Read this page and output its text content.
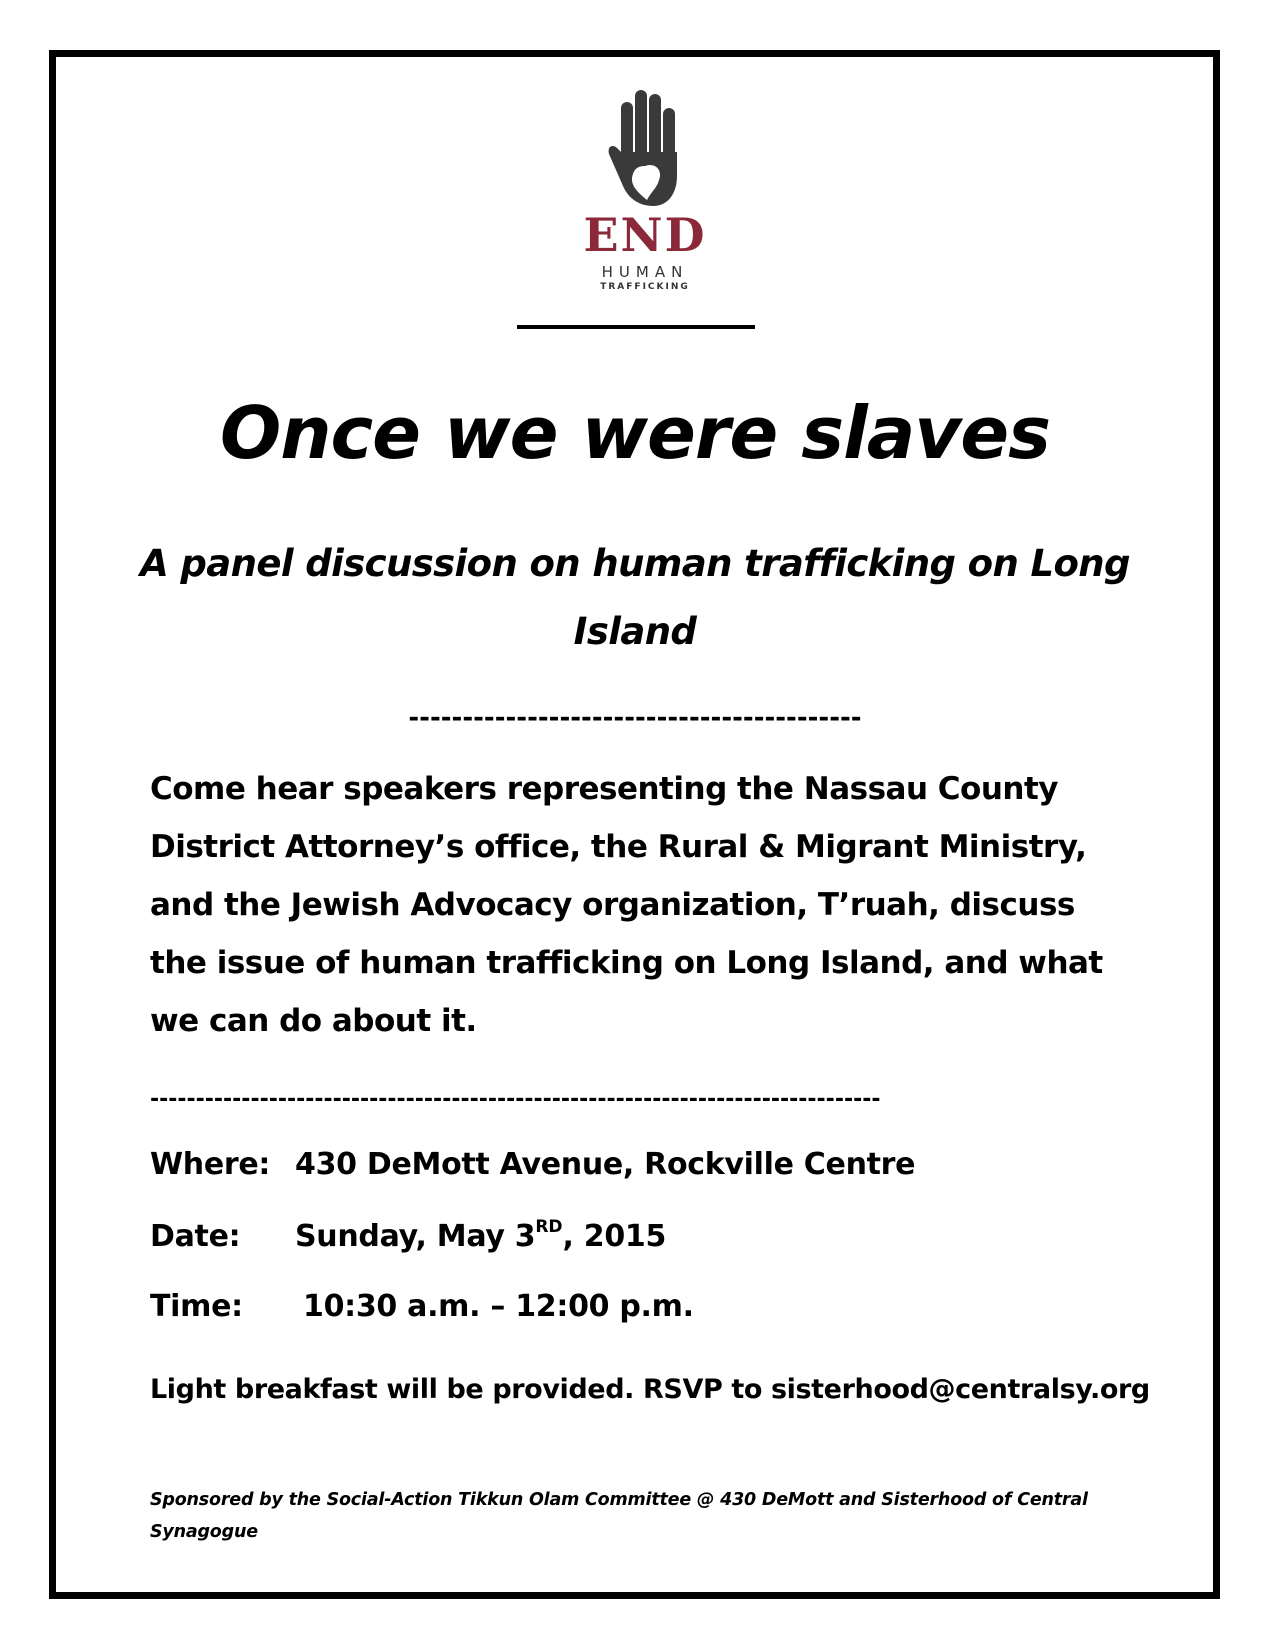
END
HUMAN
TRAFFICKING
Once we were slaves
A panel discussion on human trafficking on Long Island
------------------------------------------
Come hear speakers representing the Nassau County District Attorney’s office, the Rural & Migrant Ministry, and the Jewish Advocacy organization, T’ruah, discuss the issue of human trafficking on Long Island, and what we can do about it.
--------------------------------------------------------------------------------
Where: 430 DeMott Avenue, Rockville Centre
Date: Sunday, May 3RD, 2015
Time: 10:30 a.m. – 12:00 p.m.
Light breakfast will be provided. RSVP to sisterhood@centralsy.org
Sponsored by the Social-Action Tikkun Olam Committee @ 430 DeMott and Sisterhood of Central Synagogue
